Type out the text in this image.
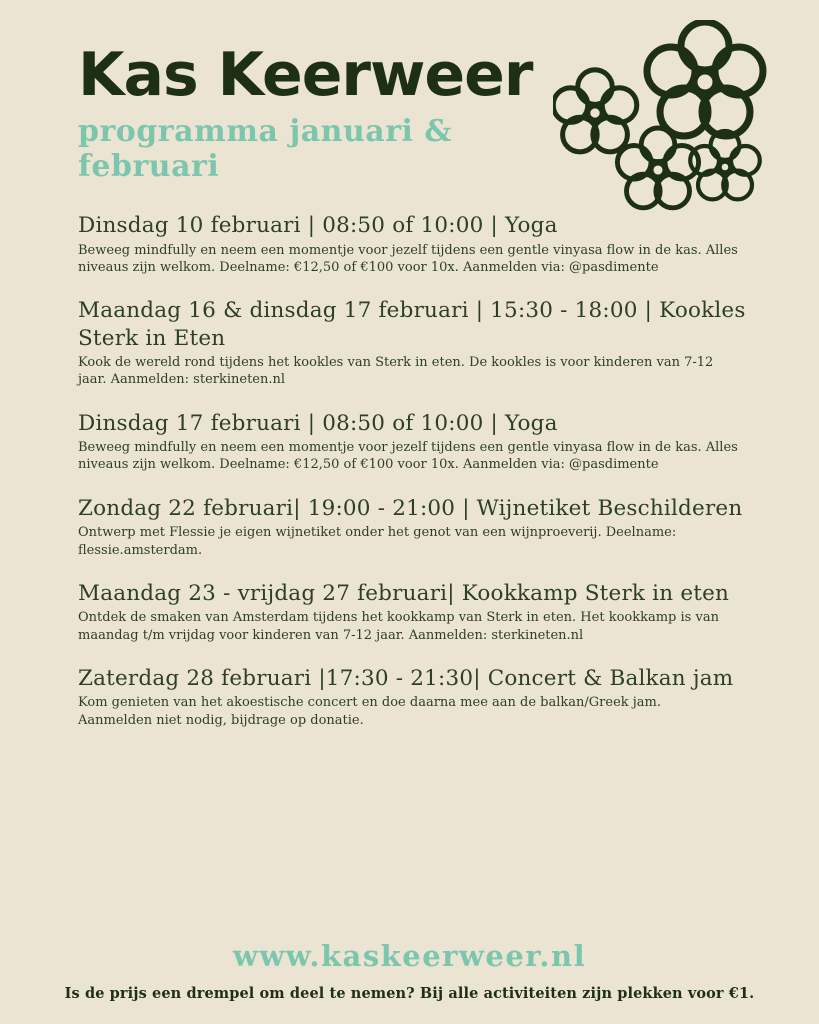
Kas Keerweer
programma januari & februari
Dinsdag 10 februari | 08:50 of 10:00 | Yoga
Beweeg mindfully en neem een momentje voor jezelf tijdens een gentle vinyasa flow in de kas. Alles niveaus zijn welkom. Deelname: €12,50 of €100 voor 10x. Aanmelden via: @pasdimente
Maandag 16 & dinsdag 17 februari | 15:30 - 18:00 | Kookles Sterk in Eten
Kook de wereld rond tijdens het kookles van Sterk in eten. De kookles is voor kinderen van 7-12 jaar. Aanmelden: sterkineten.nl
Dinsdag 17 februari | 08:50 of 10:00 | Yoga
Beweeg mindfully en neem een momentje voor jezelf tijdens een gentle vinyasa flow in de kas. Alles niveaus zijn welkom. Deelname: €12,50 of €100 voor 10x. Aanmelden via: @pasdimente
Zondag 22 februari| 19:00 - 21:00 | Wijnetiket Beschilderen
Ontwerp met Flessie je eigen wijnetiket onder het genot van een wijnproeverij. Deelname: flessie.amsterdam.
Maandag 23 - vrijdag 27 februari| Kookkamp Sterk in eten
Ontdek de smaken van Amsterdam tijdens het kookkamp van Sterk in eten. Het kookkamp is van maandag t/m vrijdag voor kinderen van 7-12 jaar. Aanmelden: sterkineten.nl
Zaterdag 28 februari |17:30 - 21:30| Concert & Balkan jam
Kom genieten van het akoestische concert en doe daarna mee aan de balkan/Greek jam. Aanmelden niet nodig, bijdrage op donatie.
www.kaskeerweer.nl
Is de prijs een drempel om deel te nemen? Bij alle activiteiten zijn plekken voor €1.
